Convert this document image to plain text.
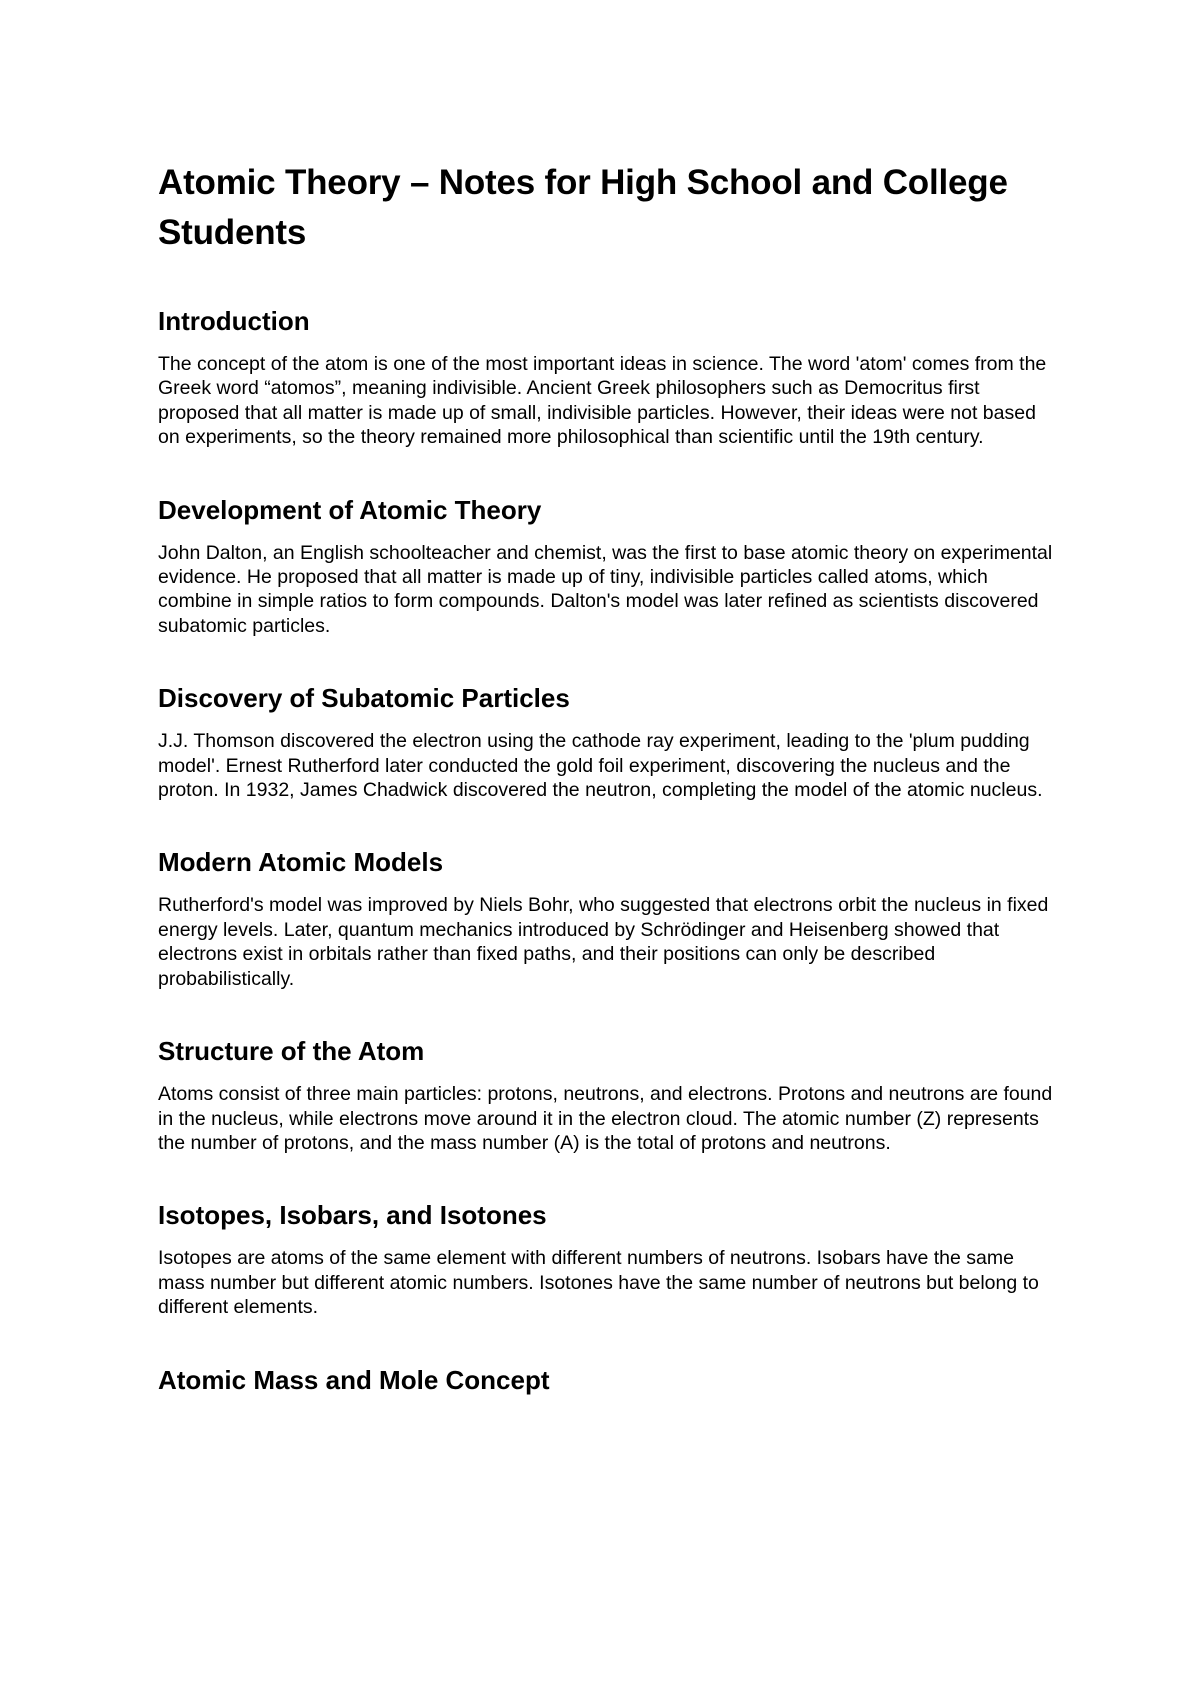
Atomic Theory – Notes for High School and College Students
Introduction

The concept of the atom is one of the most important ideas in science. The word 'atom' comes from the Greek word “atomos”, meaning indivisible. Ancient Greek philosophers such as Democritus first proposed that all matter is made up of small, indivisible particles. However, their ideas were not based on experiments, so the theory remained more philosophical than scientific until the 19th century.

Development of Atomic Theory

John Dalton, an English schoolteacher and chemist, was the first to base atomic theory on experimental evidence. He proposed that all matter is made up of tiny, indivisible particles called atoms, which combine in simple ratios to form compounds. Dalton's model was later refined as scientists discovered subatomic particles.

Discovery of Subatomic Particles

J.J. Thomson discovered the electron using the cathode ray experiment, leading to the 'plum pudding model'. Ernest Rutherford later conducted the gold foil experiment, discovering the nucleus and the proton. In 1932, James Chadwick discovered the neutron, completing the model of the atomic nucleus.

Modern Atomic Models

Rutherford's model was improved by Niels Bohr, who suggested that electrons orbit the nucleus in fixed energy levels. Later, quantum mechanics introduced by Schrödinger and Heisenberg showed that electrons exist in orbitals rather than fixed paths, and their positions can only be described probabilistically.

Structure of the Atom

Atoms consist of three main particles: protons, neutrons, and electrons. Protons and neutrons are found in the nucleus, while electrons move around it in the electron cloud. The atomic number (Z) represents the number of protons, and the mass number (A) is the total of protons and neutrons.

Isotopes, Isobars, and Isotones

Isotopes are atoms of the same element with different numbers of neutrons. Isobars have the same mass number but different atomic numbers. Isotones have the same number of neutrons but belong to different elements.

Atomic Mass and Mole Concept
